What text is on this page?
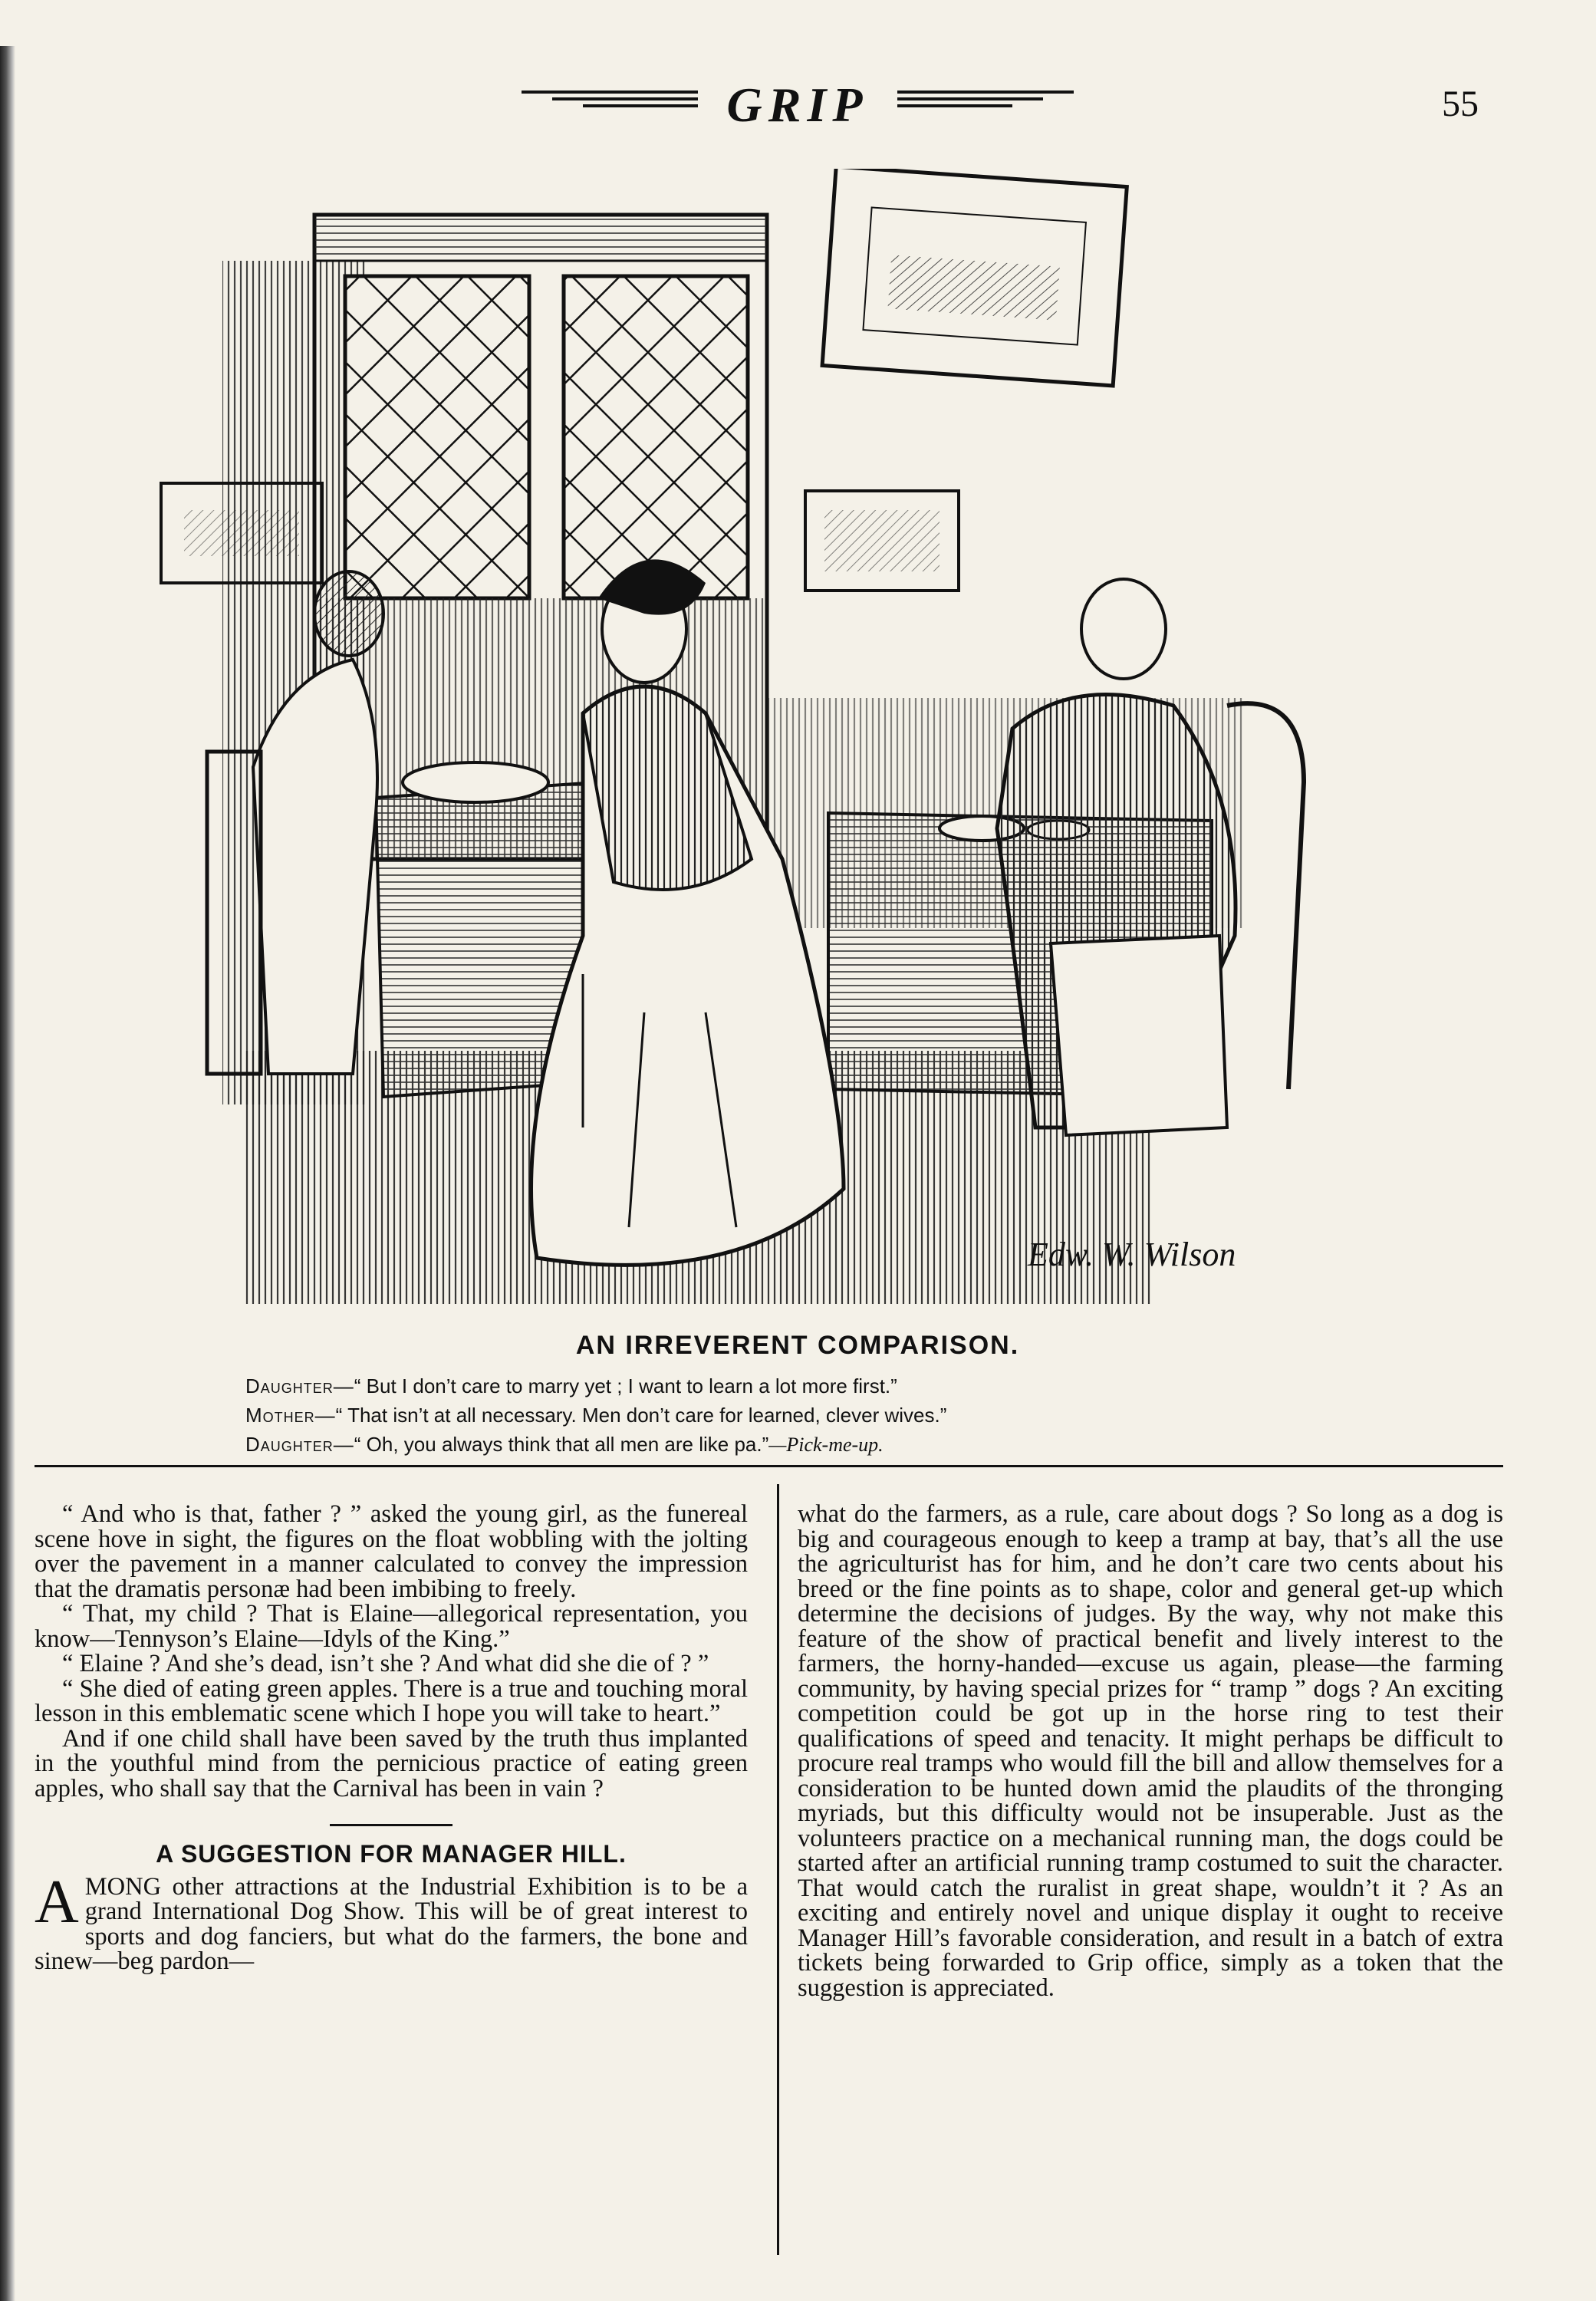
GRIP	55
Edw. W. Wilson
AN IRREVERENT COMPARISON.
Daughter—“ But I don’t care to marry yet ; I want to learn a lot more first.”
Mother—“ That isn’t at all necessary. Men don’t care for learned, clever wives.”
Daughter—“ Oh, you always think that all men are like pa.”—Pick-me-up.

“ And who is that, father ? ” asked the young girl, as the funereal scene hove in sight, the figures on the float wobbling with the jolting over the pavement in a manner calculated to convey the impression that the dramatis personæ had been imbibing to freely.

“ That, my child ? That is Elaine—allegorical representation, you know—Tennyson’s Elaine—Idyls of the King.”

“ Elaine ? And she’s dead, isn’t she ? And what did she die of ? ”

“ She died of eating green apples. There is a true and touching moral lesson in this emblematic scene which I hope you will take to heart.”

And if one child shall have been saved by the truth thus implanted in the youthful mind from the pernicious practice of eating green apples, who shall say that the Carnival has been in vain ?

A SUGGESTION FOR MANAGER HILL.

AMONG other attractions at the Industrial Exhibition is to be a grand International Dog Show. This will be of great interest to sports and dog fanciers, but what do the farmers, the bone and sinew—beg pardon—

what do the farmers, as a rule, care about dogs ? So long as a dog is big and courageous enough to keep a tramp at bay, that’s all the use the agriculturist has for him, and he don’t care two cents about his breed or the fine points as to shape, color and general get-up which determine the decisions of judges. By the way, why not make this feature of the show of practical benefit and lively interest to the farmers, the horny-handed—excuse us again, please—the farming community, by having special prizes for “ tramp ” dogs ? An exciting competition could be got up in the horse ring to test their qualifications of speed and tenacity. It might perhaps be difficult to procure real tramps who would fill the bill and allow themselves for a consideration to be hunted down amid the plaudits of the thronging myriads, but this difficulty would not be insuperable. Just as the volunteers practice on a mechanical running man, the dogs could be started after an artificial running tramp costumed to suit the character. That would catch the ruralist in great shape, wouldn’t it ? As an exciting and entirely novel and unique display it ought to receive Manager Hill’s favorable consideration, and result in a batch of extra tickets being forwarded to Grip office, simply as a token that the suggestion is appreciated.
